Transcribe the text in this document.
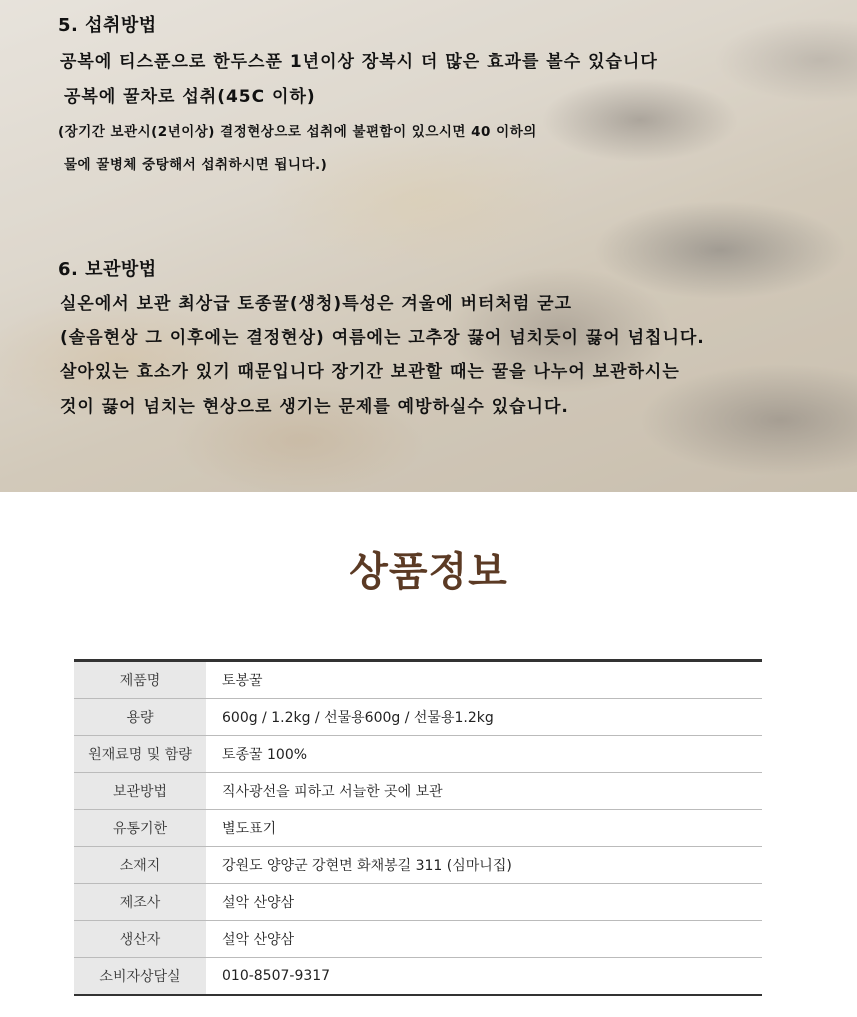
5. 섭취방법

공복에 티스푼으로 한두스푼 1년이상 장복시 더 많은 효과를 볼수 있습니다

공복에 꿀차로 섭취(45C 이하)

(장기간 보관시(2년이상) 결정현상으로 섭취에 불편함이 있으시면 40 이하의

물에 꿀병체 중탕해서 섭취하시면 됩니다.)

6. 보관방법

실온에서 보관 최상급 토종꿀(생청)특성은 겨울에 버터처럼 굳고

(솔음현상 그 이후에는 결정현상) 여름에는 고추장 끓어 넘치듯이 끓어 넘칩니다.

살아있는 효소가 있기 때문입니다 장기간 보관할 때는 꿀을 나누어 보관하시는

것이 끓어 넘치는 현상으로 생기는 문제를 예방하실수 있습니다.

상품정보
제품명	토봉꿀
용량	600g / 1.2kg / 선물용600g / 선물용1.2kg
원재료명 및 함량	토종꿀 100%
보관방법	직사광선을 피하고 서늘한 곳에 보관
유통기한	별도표기
소재지	강원도 양양군 강현면 화채봉길 311 (심마니집)
제조사	설악 산양삼
생산자	설악 산양삼
소비자상담실	010-8507-9317
